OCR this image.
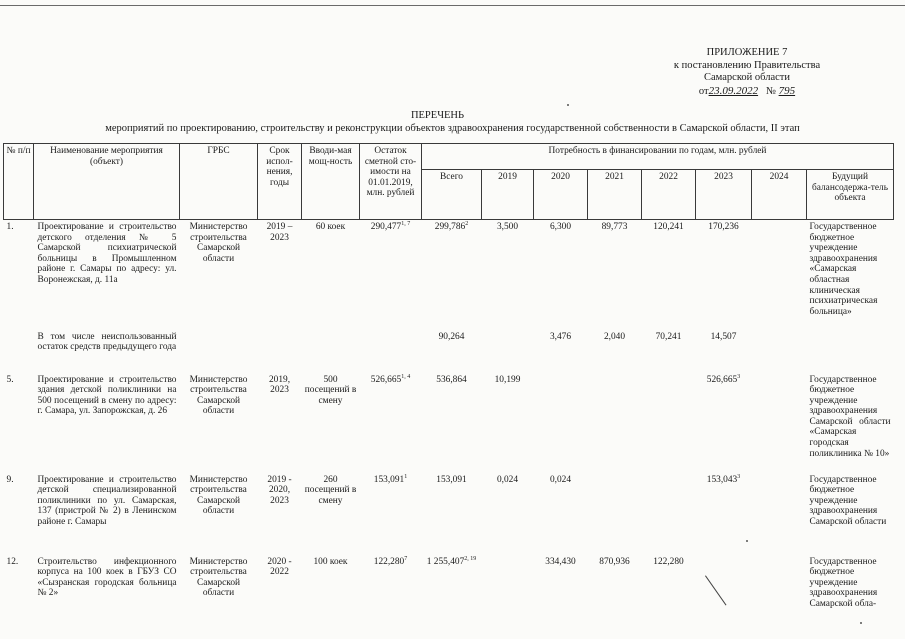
ПРИЛОЖЕНИЕ 7
к постановлению Правительства
Самарской области
от23.09.2022 № 795
ПЕРЕЧЕНЬ
мероприятий по проектированию, строительству и реконструкции объектов здравоохранения государственной собственности в Самарской области, II этап
№ п/п	Наименование мероприятия (объект)	ГРБС	Срок испол-нения, годы	Вводи-мая мощ-ность	Остаток сметной сто-имости на 01.01.2019, млн. рублей	Потребность в финансировании по годам, млн. рублей							
						Всего	2019	2020	2021	2022	2023	2024	Будущий балансодержа-тель объекта
1.	Проектирование и строительство детского отделения № 5 Самарской психиатрической больницы в Промышленном районе г. Самары по адресу: ул. Воронежская, д. 11а	Министерство строительства Самарской области	2019 – 2023	60 коек	290,477$^{1, 7}$	299,786$^2$	3,500	6,300	89,773	120,241	170,236		Государственное бюджетное учреждение здравоохранения «Самарская областная клиническая психиатрическая больница»
	В том числе неиспользованный остаток средств предыдущего года					90,264		3,476	2,040	70,241	14,507		
5.	Проектирование и строительство здания детской поликлиники на 500 посещений в смену по адресу: г. Самара, ул. Запорожская, д. 26	Министерство строительства Самарской области	2019, 2023	500 посещений в смену	526,665$^{1, 4}$	536,864	10,199				526,665$^3$		Государственное бюджетное учреждение здравоохранения Самарской области «Самарская городская поликлиника № 10»
9.	Проектирование и строительство детской специализированной поликлиники по ул. Самарская, 137 (пристрой № 2) в Ленинском районе г. Самары	Министерство строительства Самарской области	2019 - 2020, 2023	260 посещений в смену	153,091$^1$	153,091	0,024	0,024			153,043$^3$		Государственное бюджетное учреждение здравоохранения Самарской области
12.	Строительство инфекционного корпуса на 100 коек в ГБУЗ СО «Сызранская городская больница № 2»	Министерство строительства Самарской области	2020 - 2022	100 коек	122,280$^7$	1 255,407$^{2, 19}$		334,430	870,936	122,280			Государственное бюджетное учреждение здравоохранения Самарской обла-
